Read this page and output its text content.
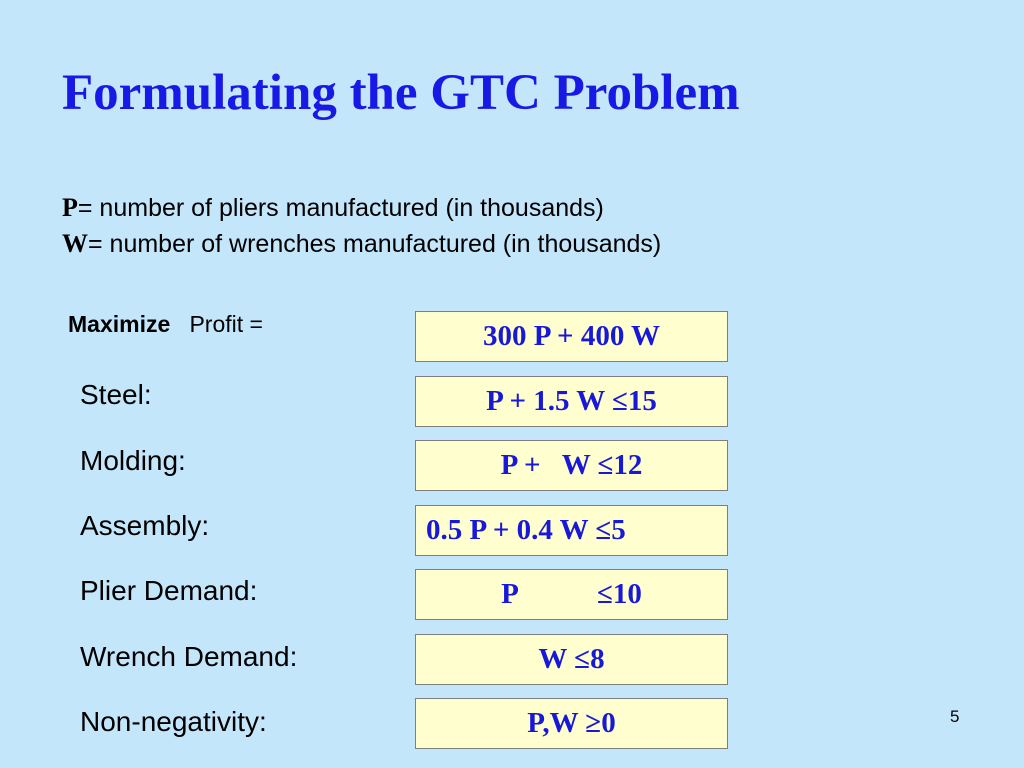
Formulating the GTC Problem
P= number of pliers manufactured (in thousands)
W= number of wrenches manufactured (in thousands)
Maximize Profit =	300 P + 400 W
Steel:	P + 1.5 W ≤15
Molding:	P +   W ≤12
Assembly:	0.5 P + 0.4 W ≤5
Plier Demand:	P           ≤10
Wrench Demand:	W ≤8
Non-negativity:	P,W ≥0	5
